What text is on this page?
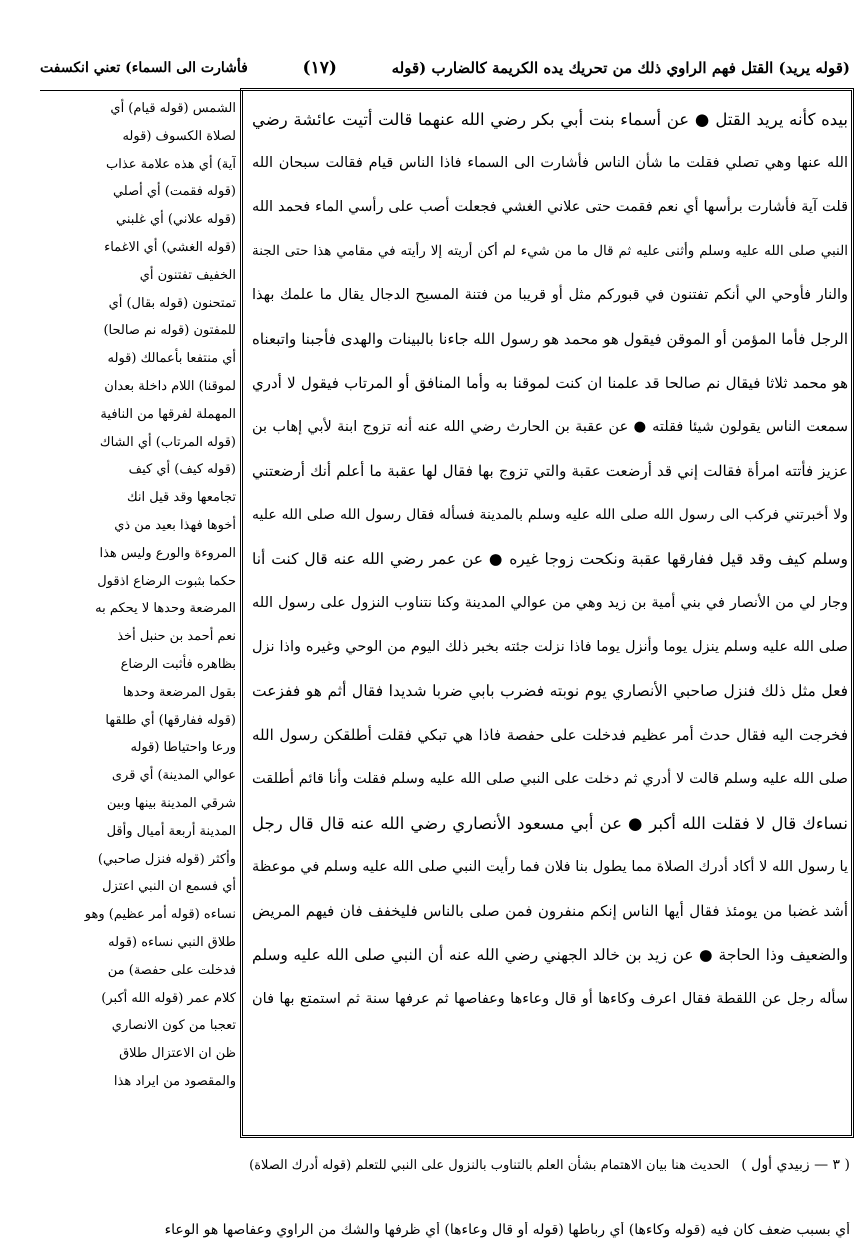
(قوله يريد) القتل فهم الراوي ذلك من تحريك يده الكريمة كالضارب (قوله
(١٧)
فأشارت الى السماء) تعني انكسفت

الشمس (قوله قيام) أي

لصلاة الكسوف (قوله

آية) أي هذه علامة عذاب

(قوله فقمت) أي أصلي

(قوله علاني) أي غلبني

(قوله الغشي) أي الاغماء

الخفيف تفتنون أي

تمتحنون (قوله بقال) أي

للمفتون (قوله نم صالحا)

أي منتفعا بأعمالك (قوله

لموقنا) اللام داخلة بعدان

المهملة لفرقها من النافية

(قوله المرتاب) أي الشاك

(قوله كيف) أي كيف

تجامعها وقد قيل انك

أخوها فهذا بعيد من ذي

المروءة والورع وليس هذا

حكما بثبوت الرضاع اذقول

المرضعة وحدها لا يحكم به

نعم أحمد بن حنبل أخذ

بظاهره فأثبت الرضاع

بقول المرضعة وحدها

(قوله ففارقها) أي طلقها

ورعا واحتياطا (قوله

عوالي المدينة) أي قرى

شرقي المدينة بينها وبين

المدينة أربعة أميال وأقل

وأكثر (قوله فنزل صاحبي)

أي فسمع ان النبي اعتزل

نساءه (قوله أمر عظيم) وهو

طلاق النبي نساءه (قوله

فدخلت على حفصة) من

كلام عمر (قوله الله أكبر)

تعجبا من كون الانصاري

ظن ان الاعتزال طلاق

والمقصود من ايراد هذا

بيده كأنه يريد القتل ● عن أسماء بنت أبي بكر رضي الله عنهما قالت أتيت عائشة رضي
الله عنها وهي تصلي فقلت ما شأن الناس فأشارت الى السماء فاذا الناس قيام فقالت سبحان الله
قلت آية فأشارت برأسها أي نعم فقمت حتى علاني الغشي فجعلت أصب على رأسي الماء فحمد الله
النبي صلى الله عليه وسلم وأثنى عليه ثم قال ما من شيء لم أكن أريته إلا رأيته في مقامي هذا حتى الجنة
والنار فأوحي الي أنكم تفتنون في قبوركم مثل أو قريبا من فتنة المسيح الدجال يقال ما علمك بهذا
الرجل فأما المؤمن أو الموقن فيقول هو محمد هو رسول الله جاءنا بالبينات والهدى فأجبنا واتبعناه
هو محمد ثلاثا فيقال نم صالحا قد علمنا ان كنت لموقنا به وأما المنافق أو المرتاب فيقول لا أدري
سمعت الناس يقولون شيئا فقلته ● عن عقبة بن الحارث رضي الله عنه أنه تزوج ابنة لأبي إهاب بن
عزيز فأتته امرأة فقالت إني قد أرضعت عقبة والتي تزوج بها فقال لها عقبة ما أعلم أنك أرضعتني
ولا أخبرتني فركب الى رسول الله صلى الله عليه وسلم بالمدينة فسأله فقال رسول الله صلى الله عليه
وسلم كيف وقد قيل ففارقها عقبة ونكحت زوجا غيره ● عن عمر رضي الله عنه قال كنت أنا
وجار لي من الأنصار في بني أمية بن زيد وهي من عوالي المدينة وكنا نتناوب النزول على رسول الله
صلى الله عليه وسلم ينزل يوما وأنزل يوما فاذا نزلت جئته بخبر ذلك اليوم من الوحي وغيره واذا نزل
فعل مثل ذلك فنزل صاحبي الأنصاري يوم نوبته فضرب بابي ضربا شديدا فقال أثم هو ففزعت
فخرجت اليه فقال حدث أمر عظيم فدخلت على حفصة فاذا هي تبكي فقلت أطلقكن رسول الله
صلى الله عليه وسلم قالت لا أدري ثم دخلت على النبي صلى الله عليه وسلم فقلت وأنا قائم أطلقت
نساءك قال لا فقلت الله أكبر ● عن أبي مسعود الأنصاري رضي الله عنه قال قال رجل
يا رسول الله لا أكاد أدرك الصلاة مما يطول بنا فلان فما رأيت النبي صلى الله عليه وسلم في موعظة
أشد غضبا من يومئذ فقال أيها الناس إنكم منفرون فمن صلى بالناس فليخفف فان فيهم المريض
والضعيف وذا الحاجة ● عن زيد بن خالد الجهني رضي الله عنه أن النبي صلى الله عليه وسلم
سأله رجل عن اللقطة فقال اعرف وكاءها أو قال وعاءها وعفاصها ثم عرفها سنة ثم استمتع بها فان
( ٣ — زبيدي أول )
الحديث هنا بيان الاهتمام بشأن العلم بالتناوب بالنزول على النبي للتعلم (قوله أدرك الصلاة)
أي بسبب ضعف كان فيه (قوله وكاءها) أي رباطها (قوله أو قال وعاءها) أي ظرفها والشك من الراوي وعفاصها هو الوعاء
